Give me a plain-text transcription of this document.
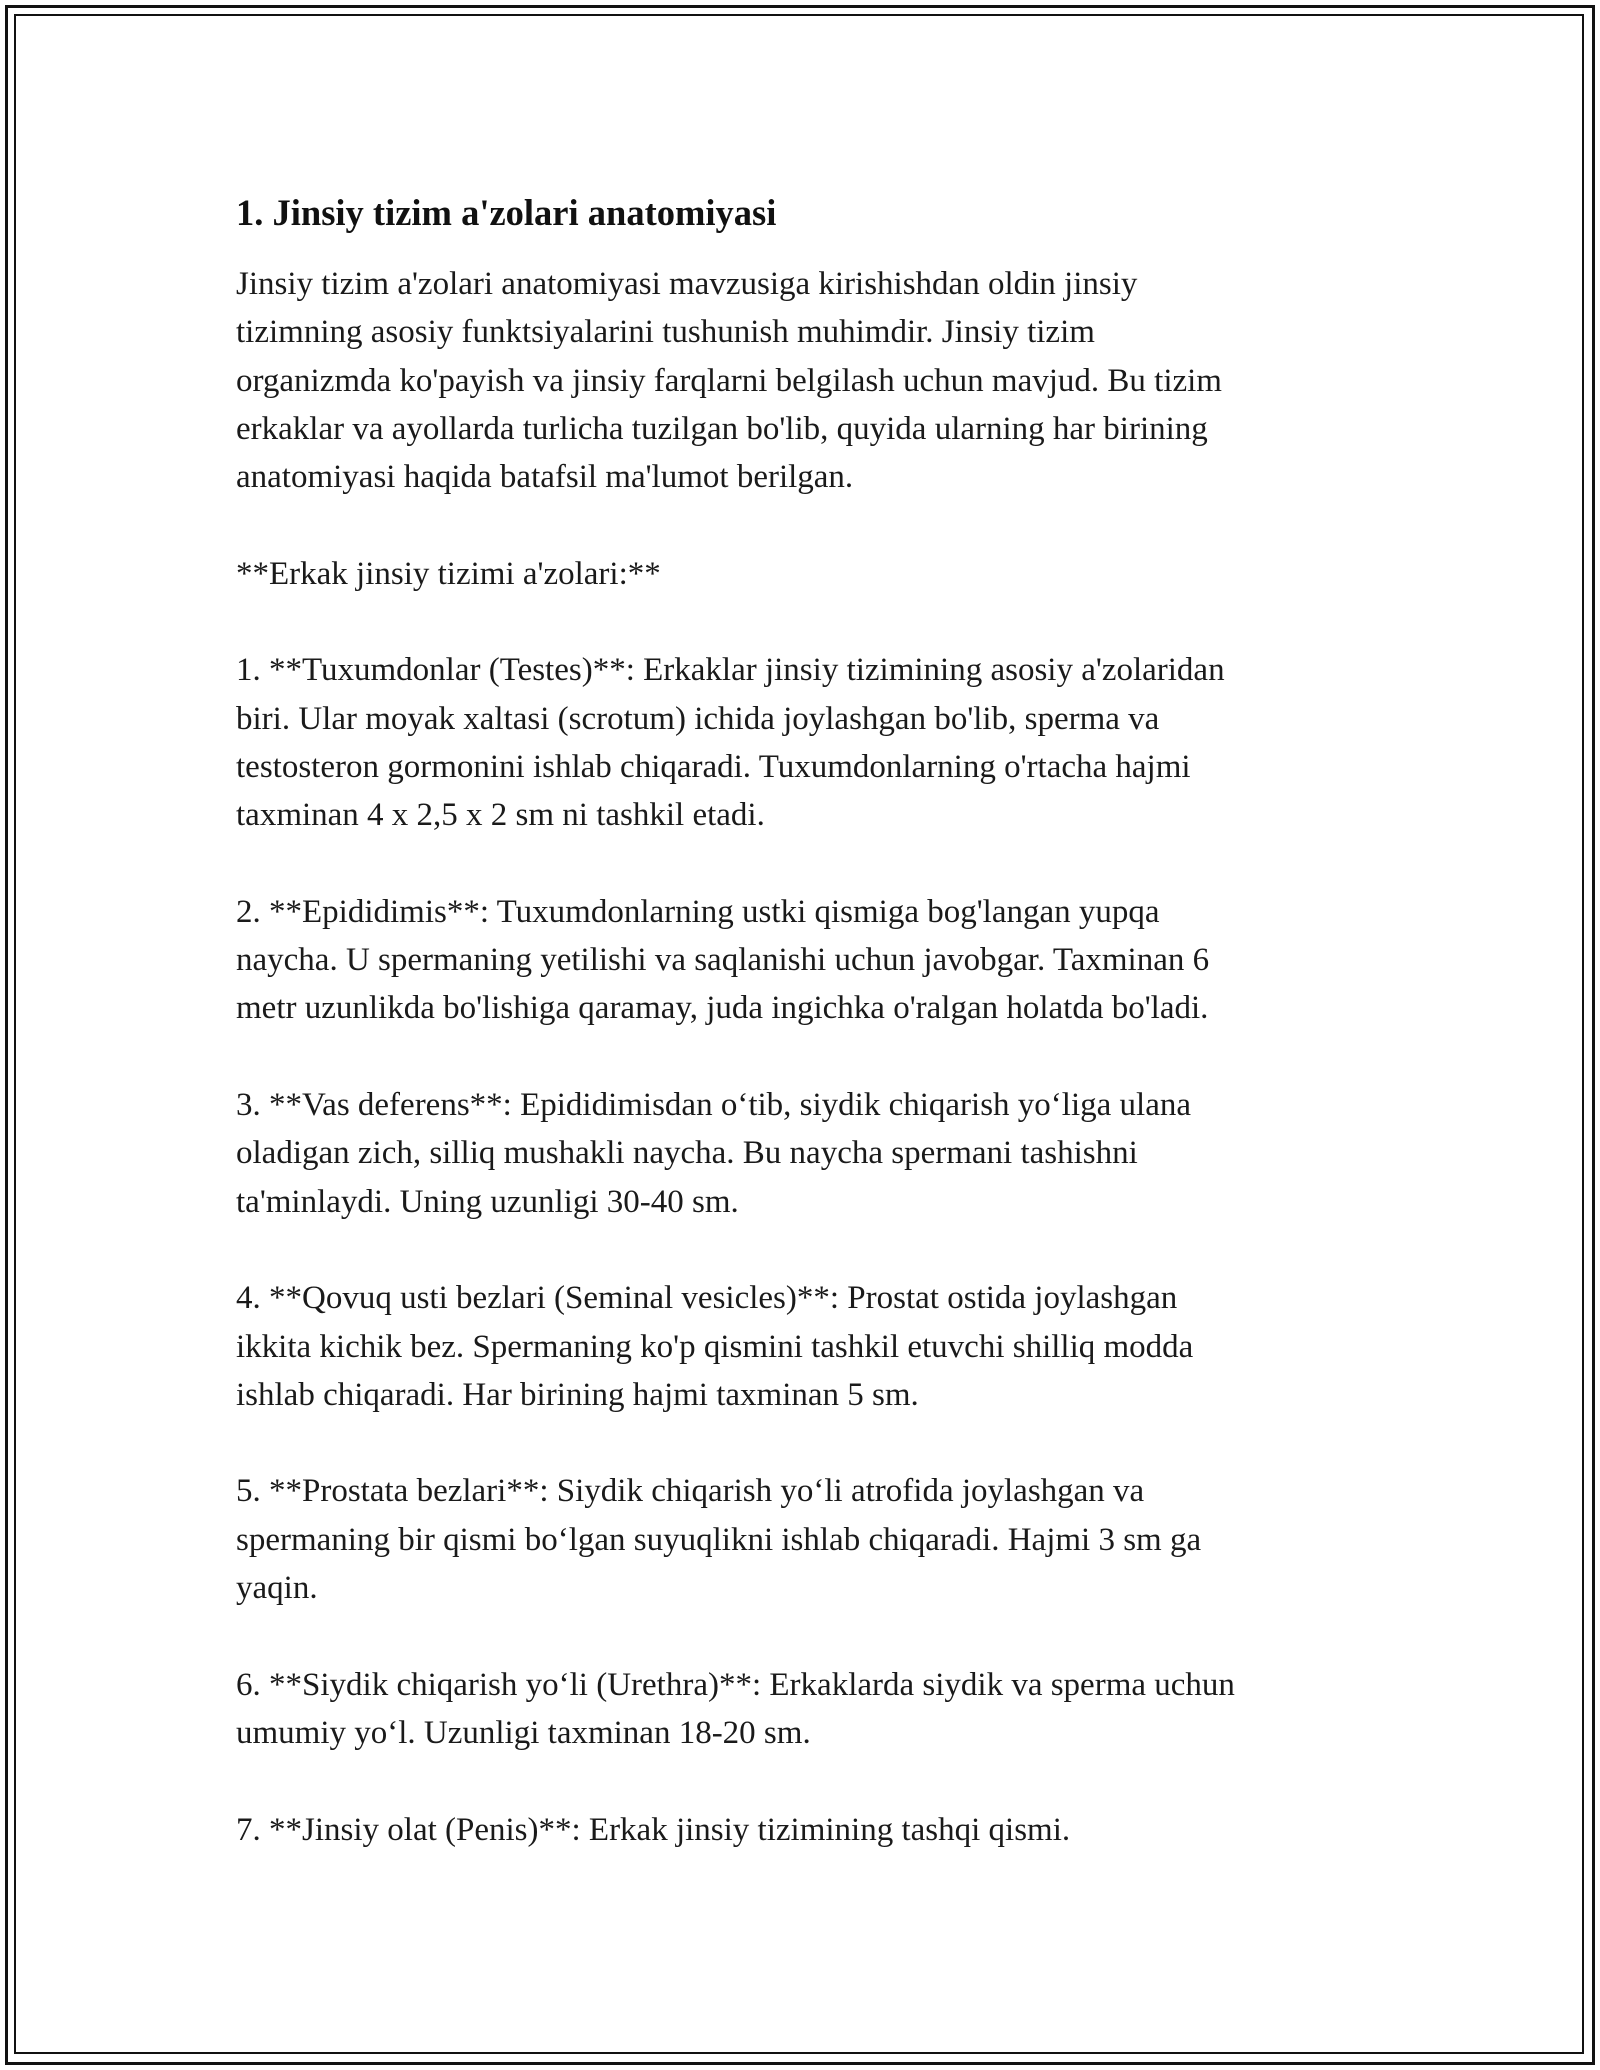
1. Jinsiy tizim a'zolari anatomiyasi

Jinsiy tizim a'zolari anatomiyasi mavzusiga kirishishdan oldin jinsiy
tizimning asosiy funktsiyalarini tushunish muhimdir. Jinsiy tizim
organizmda ko'payish va jinsiy farqlarni belgilash uchun mavjud. Bu tizim
erkaklar va ayollarda turlicha tuzilgan bo'lib, quyida ularning har birining
anatomiyasi haqida batafsil ma'lumot berilgan.

**Erkak jinsiy tizimi a'zolari:**

1. **Tuxumdonlar (Testes)**: Erkaklar jinsiy tizimining asosiy a'zolaridan
biri. Ular moyak xaltasi (scrotum) ichida joylashgan bo'lib, sperma va
testosteron gormonini ishlab chiqaradi. Tuxumdonlarning o'rtacha hajmi
taxminan 4 x 2,5 x 2 sm ni tashkil etadi.

2. **Epididimis**: Tuxumdonlarning ustki qismiga bog'langan yupqa
naycha. U spermaning yetilishi va saqlanishi uchun javobgar. Taxminan 6
metr uzunlikda bo'lishiga qaramay, juda ingichka o'ralgan holatda bo'ladi.

3. **Vas deferens**: Epididimisdan o‘tib, siydik chiqarish yo‘liga ulana
oladigan zich, silliq mushakli naycha. Bu naycha spermani tashishni
ta'minlaydi. Uning uzunligi 30-40 sm.

4. **Qovuq usti bezlari (Seminal vesicles)**: Prostat ostida joylashgan
ikkita kichik bez. Spermaning ko'p qismini tashkil etuvchi shilliq modda
ishlab chiqaradi. Har birining hajmi taxminan 5 sm.

5. **Prostata bezlari**: Siydik chiqarish yo‘li atrofida joylashgan va
spermaning bir qismi bo‘lgan suyuqlikni ishlab chiqaradi. Hajmi 3 sm ga
yaqin.

6. **Siydik chiqarish yo‘li (Urethra)**: Erkaklarda siydik va sperma uchun
umumiy yo‘l. Uzunligi taxminan 18-20 sm.

7. **Jinsiy olat (Penis)**: Erkak jinsiy tizimining tashqi qismi.
